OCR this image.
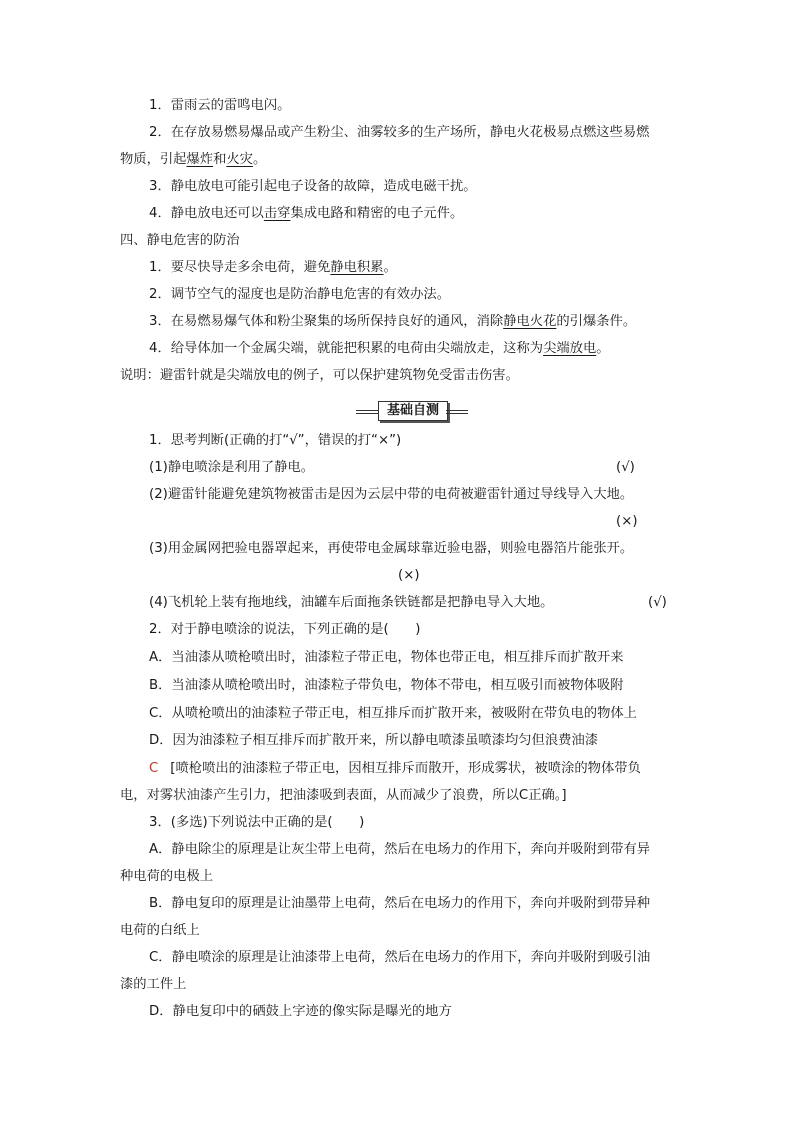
1．雷雨云的雷鸣电闪。
2．在存放易燃易爆品或产生粉尘、油雾较多的生产场所，静电火花极易点燃这些易燃
物质，引起爆炸和火灾。
3．静电放电可能引起电子设备的故障，造成电磁干扰。
4．静电放电还可以击穿集成电路和精密的电子元件。
四、静电危害的防治
1．要尽快导走多余电荷，避免静电积累。
2．调节空气的湿度也是防治静电危害的有效办法。
3．在易燃易爆气体和粉尘聚集的场所保持良好的通风，消除静电火花的引爆条件。
4．给导体加一个金属尖端，就能把积累的电荷由尖端放走，这称为尖端放电。
说明：避雷针就是尖端放电的例子，可以保护建筑物免受雷击伤害。
基础自测
1．思考判断(正确的打“√”，错误的打“×”)
(1)静电喷涂是利用了静电。	(√)
(2)避雷针能避免建筑物被雷击是因为云层中带的电荷被避雷针通过导线导入大地。
(×)
(3)用金属网把验电器罩起来，再使带电金属球靠近验电器，则验电器箔片能张开。
(×)
(4)飞机轮上装有拖地线，油罐车后面拖条铁链都是把静电导入大地。	(√)
2．对于静电喷涂的说法，下列正确的是(　　)
A．当油漆从喷枪喷出时，油漆粒子带正电，物体也带正电，相互排斥而扩散开来
B．当油漆从喷枪喷出时，油漆粒子带负电，物体不带电，相互吸引而被物体吸附
C．从喷枪喷出的油漆粒子带正电，相互排斥而扩散开来，被吸附在带负电的物体上
D．因为油漆粒子相互排斥而扩散开来，所以静电喷漆虽喷漆均匀但浪费油漆
C [喷枪喷出的油漆粒子带正电，因相互排斥而散开，形成雾状，被喷涂的物体带负
电，对雾状油漆产生引力，把油漆吸到表面，从而减少了浪费，所以C正确。]
3．(多选)下列说法中正确的是(　　)
A．静电除尘的原理是让灰尘带上电荷，然后在电场力的作用下，奔向并吸附到带有异
种电荷的电极上
B．静电复印的原理是让油墨带上电荷，然后在电场力的作用下，奔向并吸附到带异种
电荷的白纸上
C．静电喷涂的原理是让油漆带上电荷，然后在电场力的作用下，奔向并吸附到吸引油
漆的工件上
D．静电复印中的硒鼓上字迹的像实际是曝光的地方
